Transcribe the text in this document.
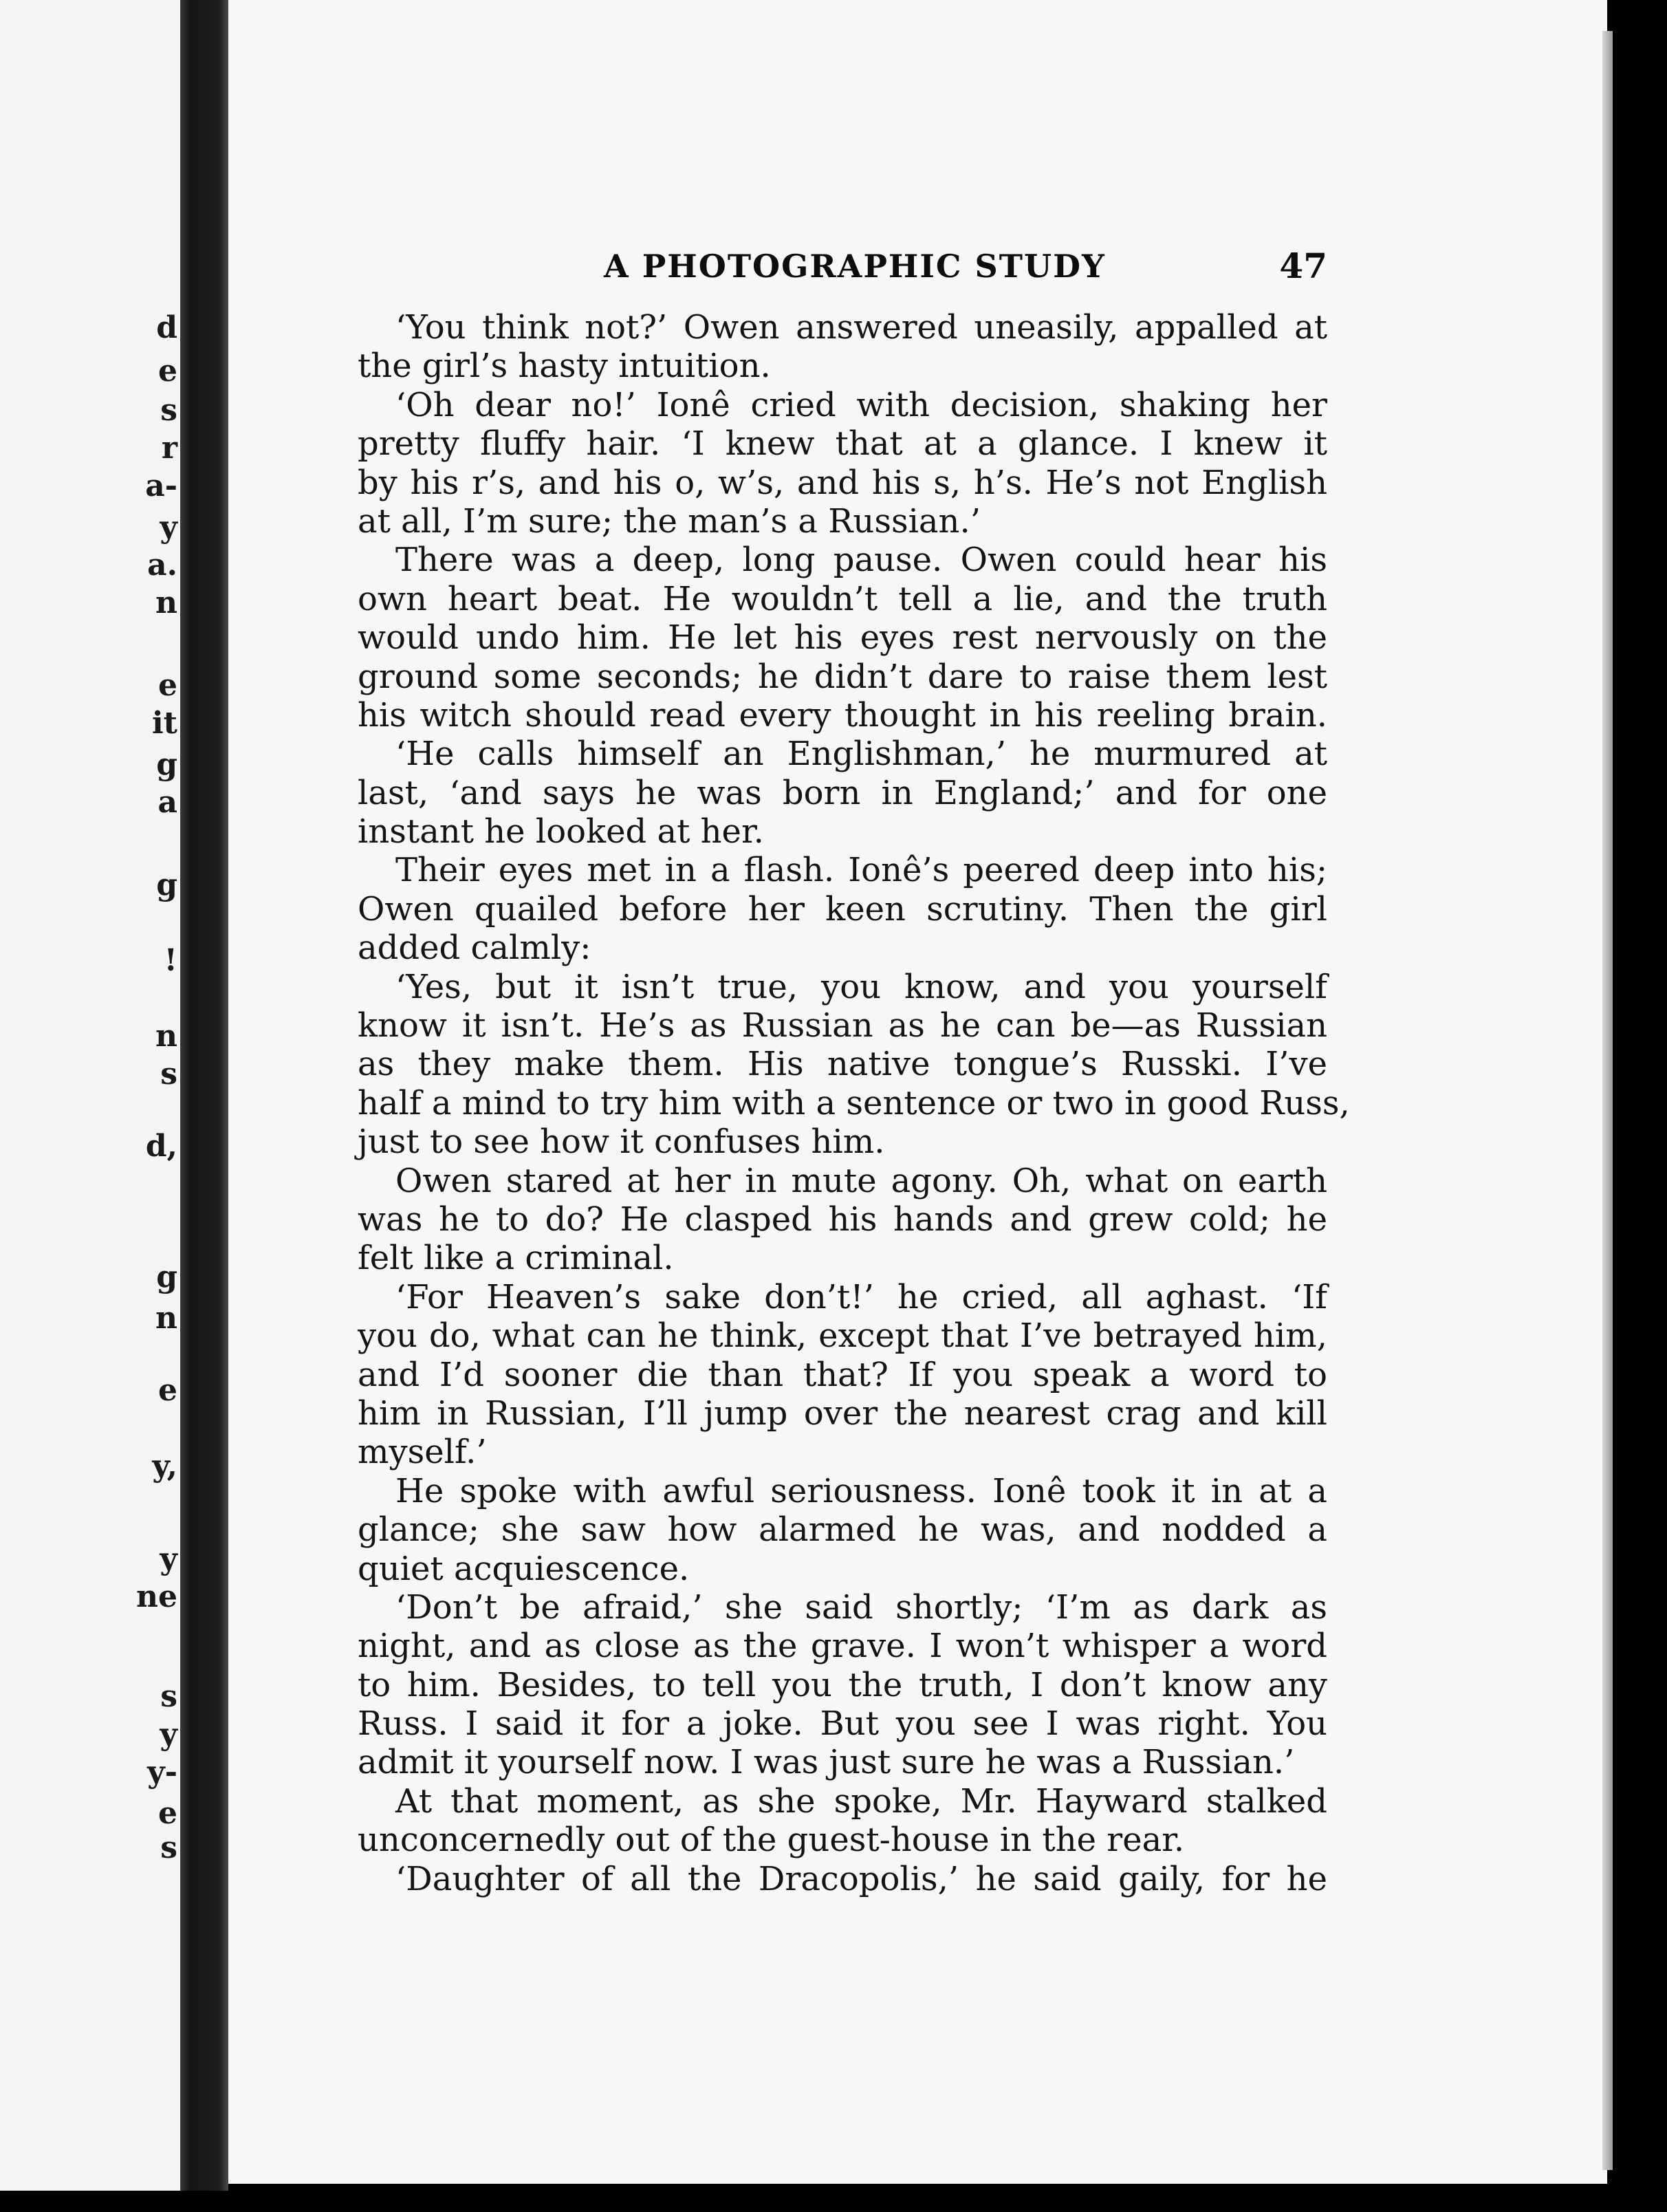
d
e
s
r
a-
y
a.
n
e
it
g
a
g
!
n
s
d,
g
n
e
y,
y
ne
s
y
y-
e
s
A PHOTOGRAPHIC STUDY	47
‘You think not?’ Owen answered uneasily, appalled at
the girl’s hasty intuition.
‘Oh dear no!’ Ionê cried with decision, shaking her
pretty fluffy hair. ‘I knew that at a glance. I knew it
by his r’s, and his o, w’s, and his s, h’s. He’s not English
at all, I’m sure; the man’s a Russian.’
There was a deep, long pause. Owen could hear his
own heart beat. He wouldn’t tell a lie, and the truth
would undo him. He let his eyes rest nervously on the
ground some seconds; he didn’t dare to raise them lest
his witch should read every thought in his reeling brain.
‘He calls himself an Englishman,’ he murmured at
last, ‘and says he was born in England;’ and for one
instant he looked at her.
Their eyes met in a flash. Ionê’s peered deep into his;
Owen quailed before her keen scrutiny. Then the girl
added calmly:
‘Yes, but it isn’t true, you know, and you yourself
know it isn’t. He’s as Russian as he can be—as Russian
as they make them. His native tongue’s Russki. I’ve
half a mind to try him with a sentence or two in good Russ,
just to see how it confuses him.
Owen stared at her in mute agony. Oh, what on earth
was he to do? He clasped his hands and grew cold; he
felt like a criminal.
‘For Heaven’s sake don’t!’ he cried, all aghast. ‘If
you do, what can he think, except that I’ve betrayed him,
and I’d sooner die than that? If you speak a word to
him in Russian, I’ll jump over the nearest crag and kill
myself.’
He spoke with awful seriousness. Ionê took it in at a
glance; she saw how alarmed he was, and nodded a
quiet acquiescence.
‘Don’t be afraid,’ she said shortly; ‘I’m as dark as
night, and as close as the grave. I won’t whisper a word
to him. Besides, to tell you the truth, I don’t know any
Russ. I said it for a joke. But you see I was right. You
admit it yourself now. I was just sure he was a Russian.’
At that moment, as she spoke, Mr. Hayward stalked
unconcernedly out of the guest-house in the rear.
‘Daughter of all the Dracopolis,’ he said gaily, for he
